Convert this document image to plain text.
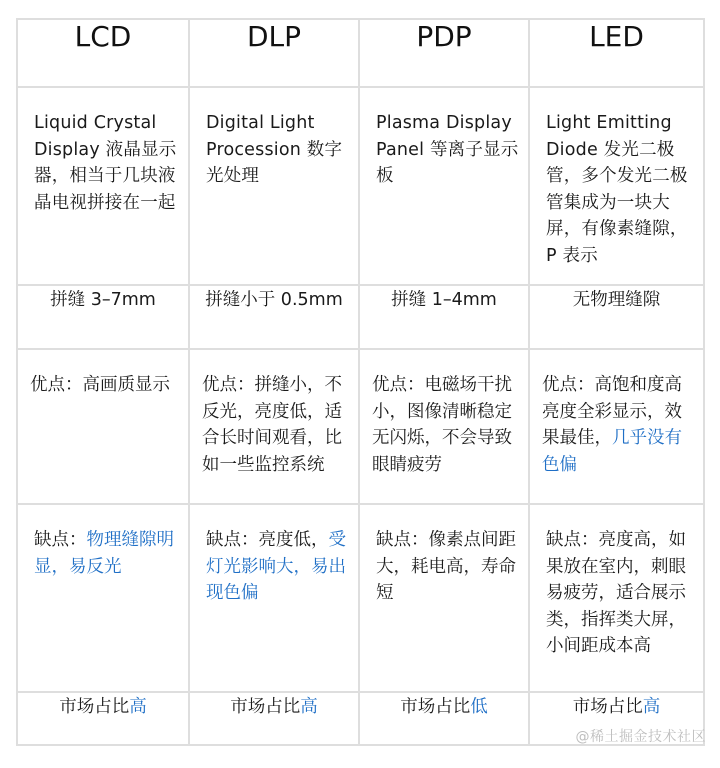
LCD	DLP	PDP	LED

Liquid Crystal Display 液晶显示器，相当于几块液晶电视拼接在一起	Digital Light Procession 数字光处理	Plasma Display Panel 等离子显示板	Light Emitting Diode 发光二极管，多个发光二极管集成为一块大屏，有像素缝隙，P 表示

拼缝 3–7mm	拼缝小于 0.5mm	拼缝 1–4mm	无物理缝隙

优点：高画质显示	优点：拼缝小，不反光，亮度低，适合长时间观看，比如一些监控系统	优点：电磁场干扰小，图像清晰稳定无闪烁，不会导致眼睛疲劳	优点：高饱和度高亮度全彩显示，效果最佳，几乎没有色偏

缺点：物理缝隙明显，易反光	缺点：亮度低，受灯光影响大，易出现色偏	缺点：像素点间距大，耗电高，寿命短	缺点：亮度高，如果放在室内，刺眼易疲劳，适合展示类，指挥类大屏，小间距成本高

市场占比高	市场占比高	市场占比低	市场占比高
@稀土掘金技术社区
